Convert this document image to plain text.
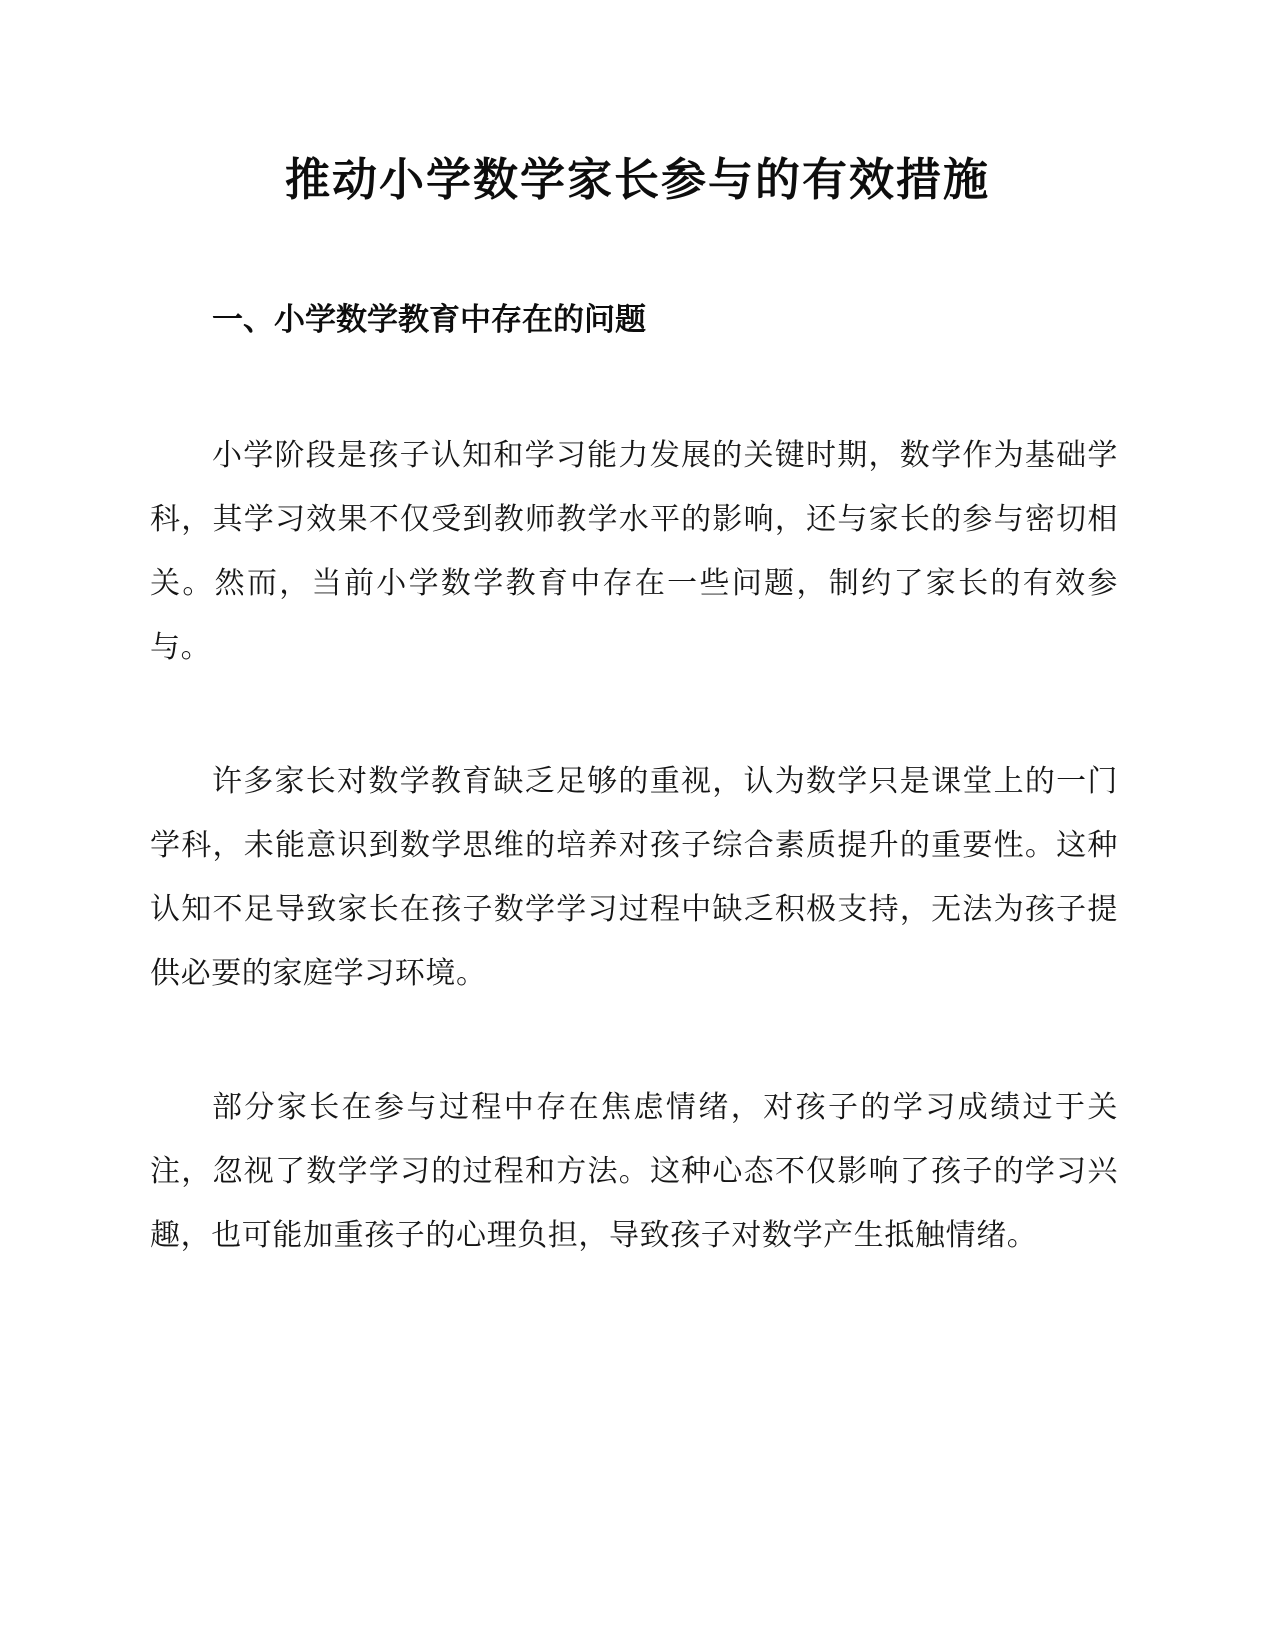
推动小学数学家长参与的有效措施
一、小学数学教育中存在的问题

小学阶段是孩子认知和学习能力发展的关键时期，数学作为基础学科，其学习效果不仅受到教师教学水平的影响，还与家长的参与密切相关。然而，当前小学数学教育中存在一些问题，制约了家长的有效参与。

许多家长对数学教育缺乏足够的重视，认为数学只是课堂上的一门学科，未能意识到数学思维的培养对孩子综合素质提升的重要性。这种认知不足导致家长在孩子数学学习过程中缺乏积极支持，无法为孩子提供必要的家庭学习环境。

部分家长在参与过程中存在焦虑情绪，对孩子的学习成绩过于关注，忽视了数学学习的过程和方法。这种心态不仅影响了孩子的学习兴趣，也可能加重孩子的心理负担，导致孩子对数学产生抵触情绪。
